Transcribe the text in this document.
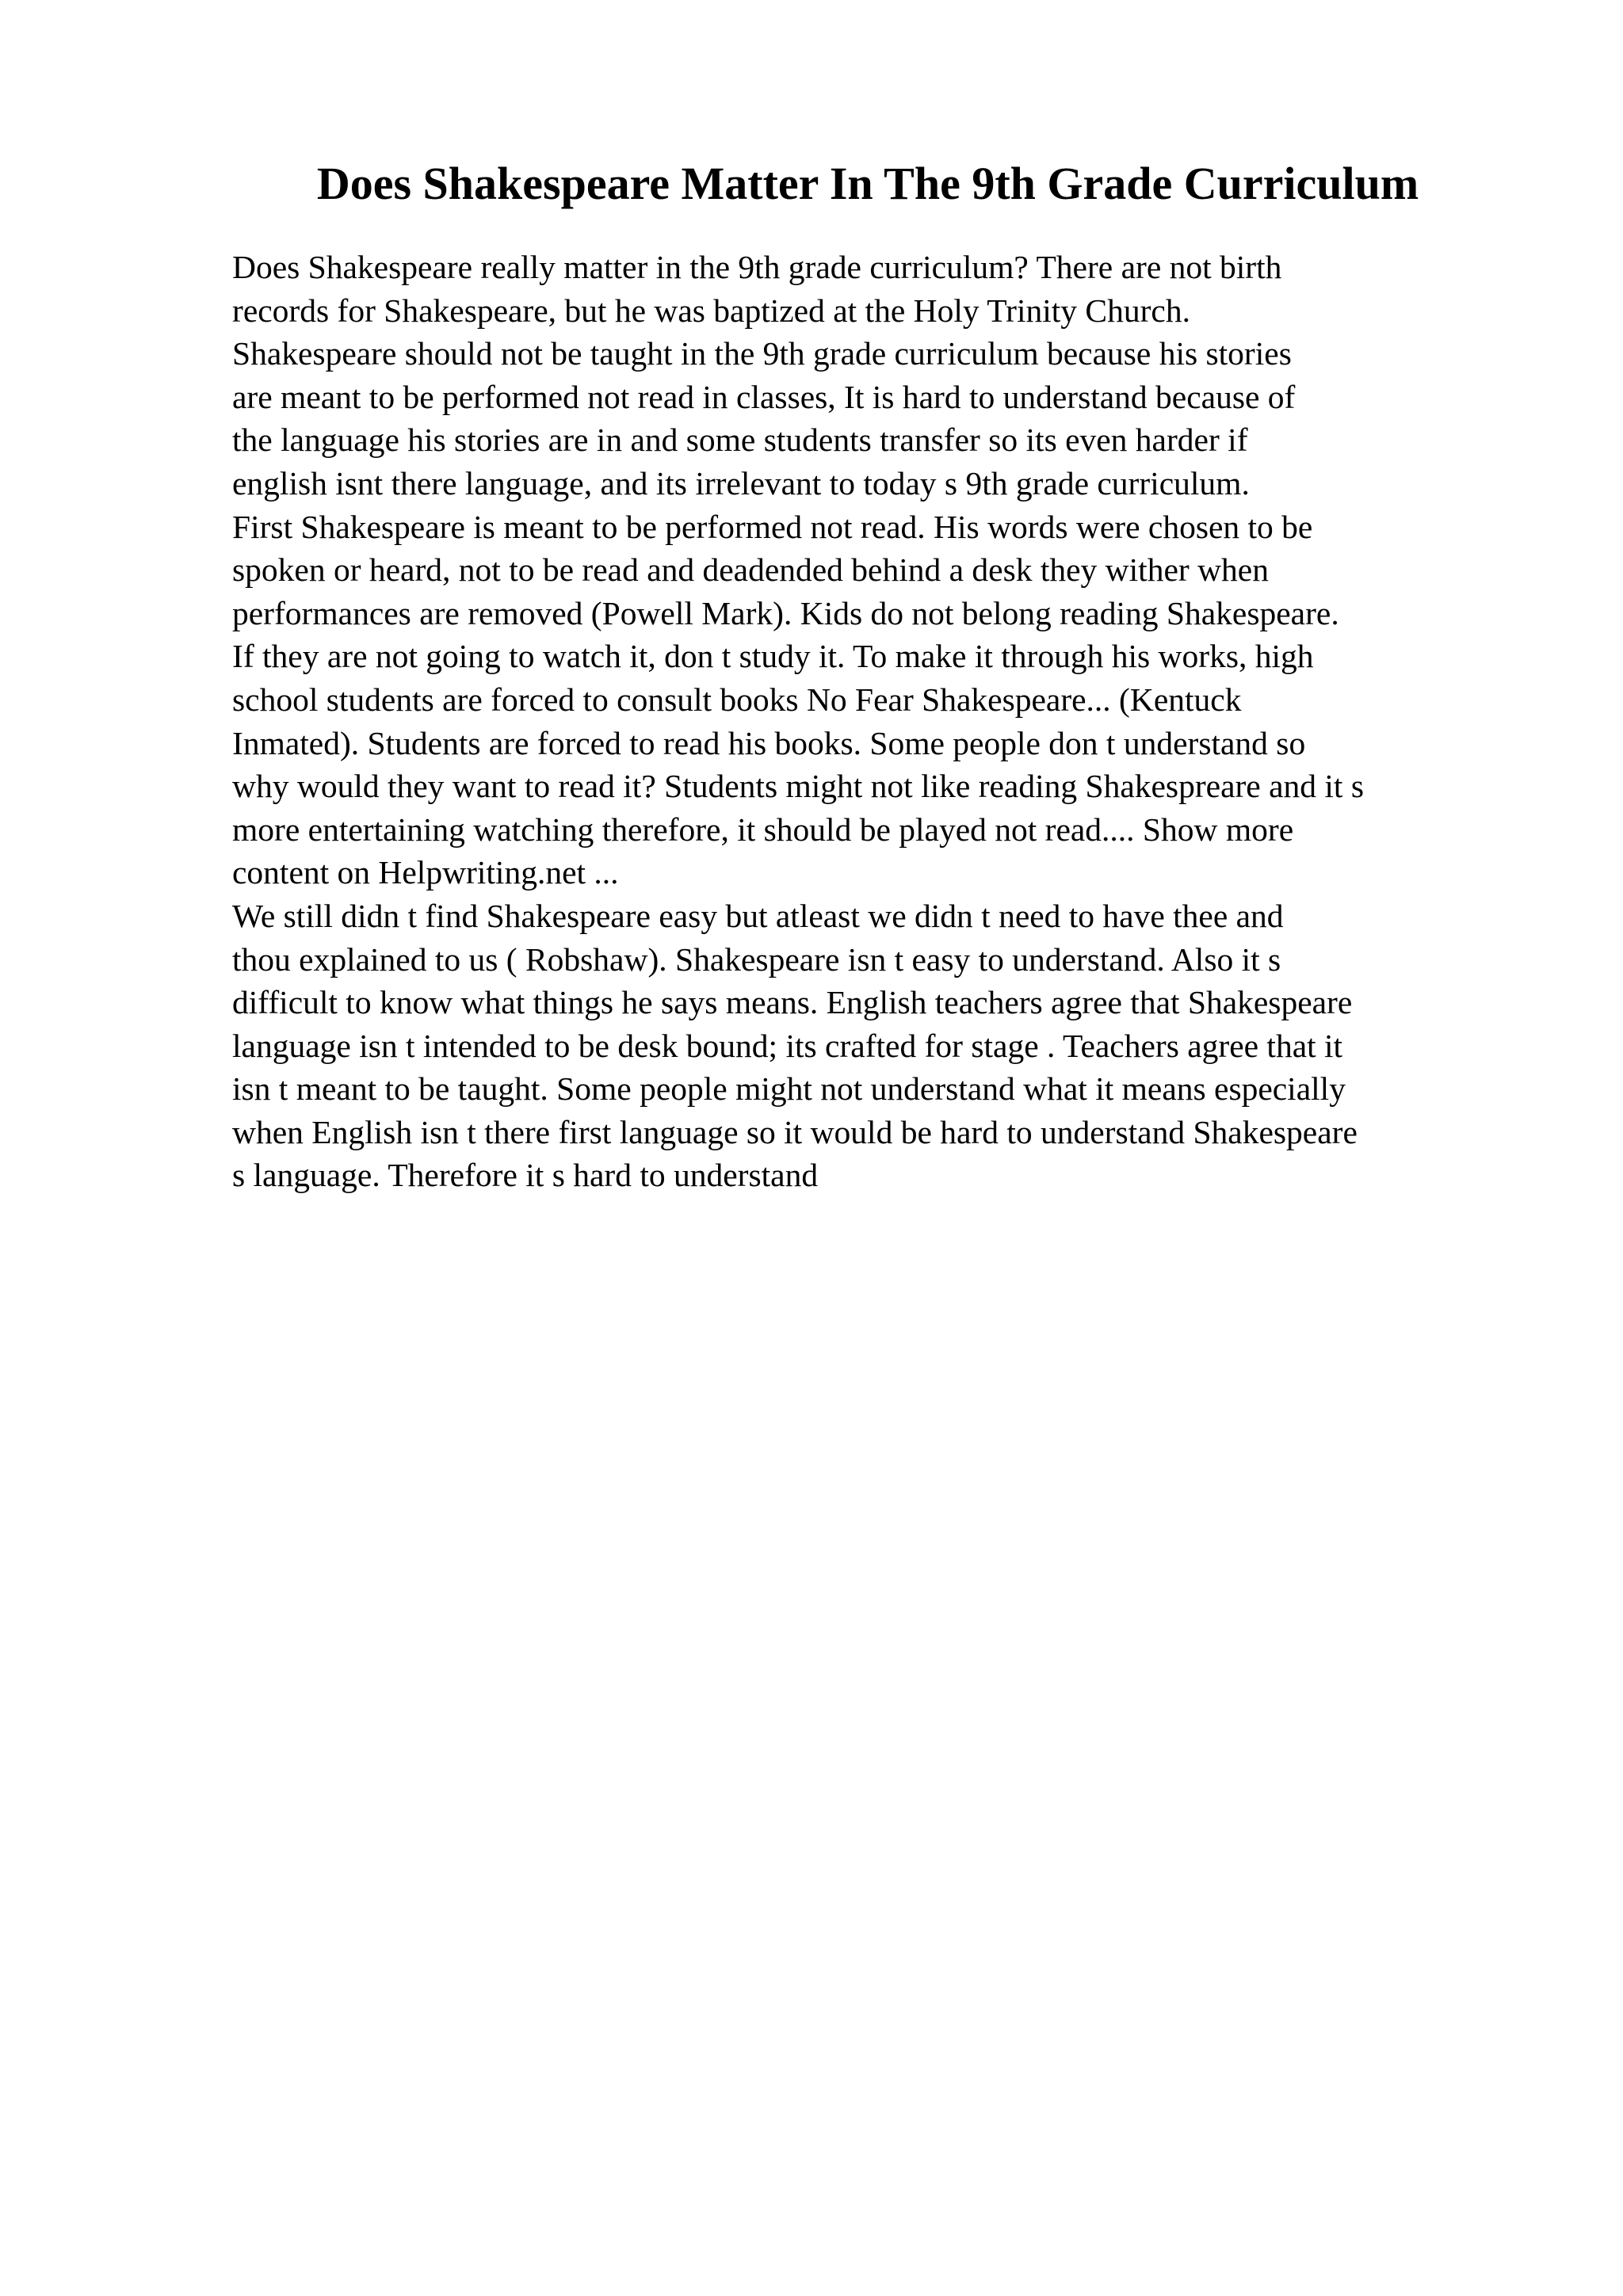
Does Shakespeare Matter In The 9th Grade Curriculum
Does Shakespeare really matter in the 9th grade curriculum? There are not birth
records for Shakespeare, but he was baptized at the Holy Trinity Church.
Shakespeare should not be taught in the 9th grade curriculum because his stories
are meant to be performed not read in classes, It is hard to understand because of
the language his stories are in and some students transfer so its even harder if
english isnt there language, and its irrelevant to today s 9th grade curriculum.
First Shakespeare is meant to be performed not read. His words were chosen to be
spoken or heard, not to be read and deadended behind a desk they wither when
performances are removed (Powell Mark). Kids do not belong reading Shakespeare.
If they are not going to watch it, don t study it. To make it through his works, high
school students are forced to consult books No Fear Shakespeare... (Kentuck
Inmated). Students are forced to read his books. Some people don t understand so
why would they want to read it? Students might not like reading Shakespreare and it s
more entertaining watching therefore, it should be played not read.... Show more
content on Helpwriting.net ...
We still didn t find Shakespeare easy but atleast we didn t need to have thee and
thou explained to us ( Robshaw). Shakespeare isn t easy to understand. Also it s
difficult to know what things he says means. English teachers agree that Shakespeare
language isn t intended to be desk bound; its crafted for stage . Teachers agree that it
isn t meant to be taught. Some people might not understand what it means especially
when English isn t there first language so it would be hard to understand Shakespeare
s language. Therefore it s hard to understand
